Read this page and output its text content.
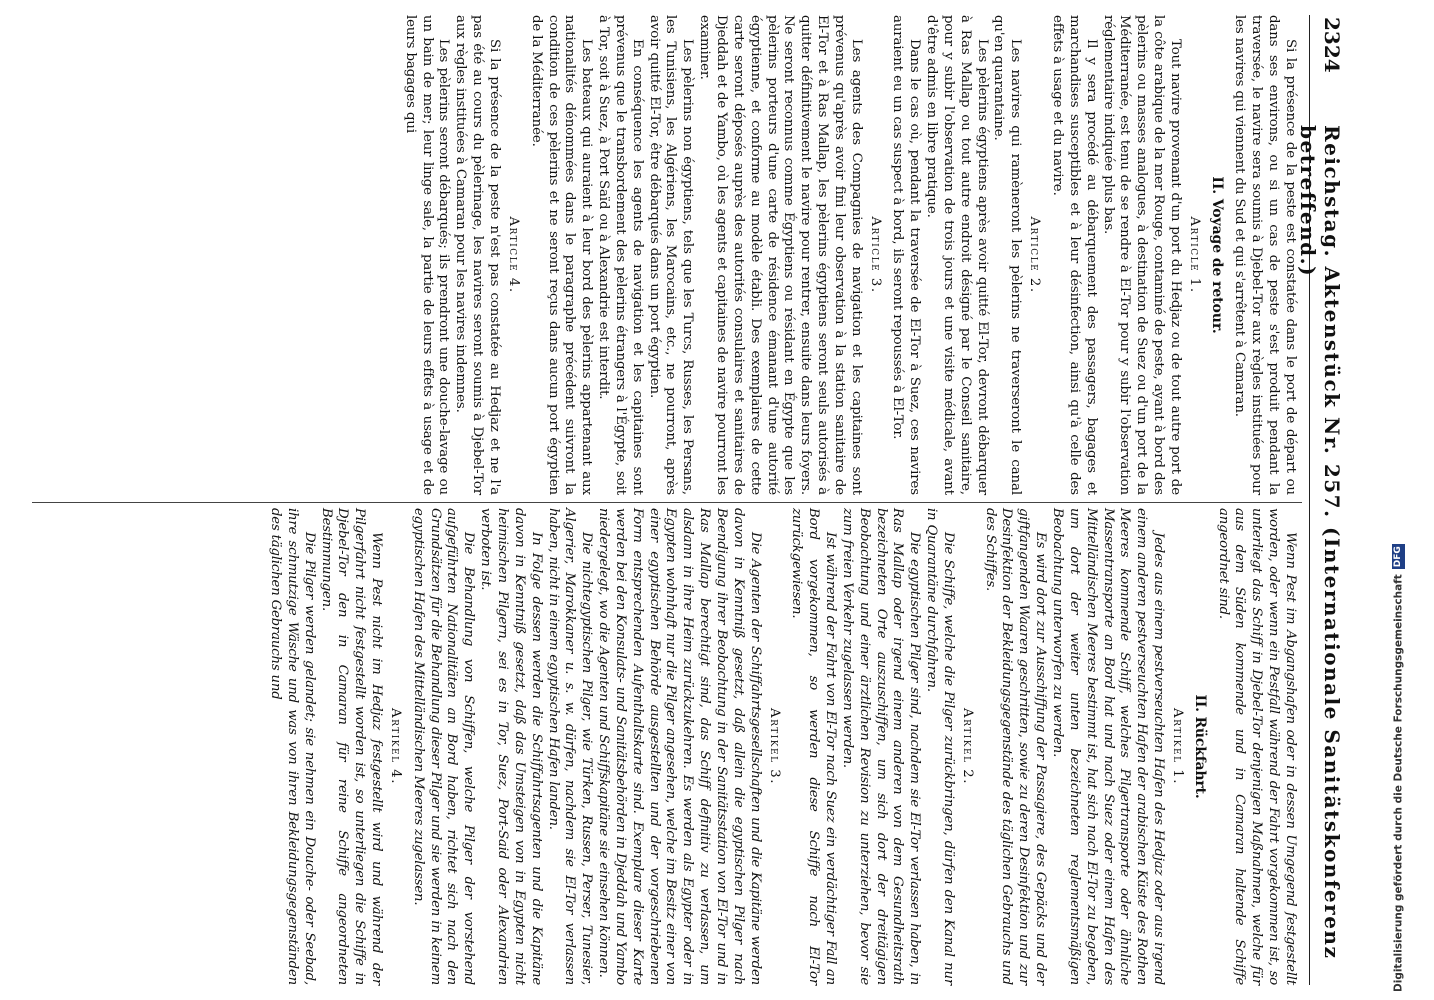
2324
Reichstag. Aktenstück Nr. 257. (Internationale Sanitätskonferenz betreffend.)

Si la présence de la peste est constatée dans le port de départ ou dans ses environs, ou si un cas de peste s'est produit pendant la traversée, le navire sera soumis à Djebel-Tor aux règles instituées pour les navires qui viennent du Sud et qui s'arrêtent à Camaran.

II. Voyage de retour.
Article 1.

Tout navire provenant d'un port du Hedjaz ou de tout autre port de la côte arabique de la mer Rouge, contaminé de peste, ayant à bord des pèlerins ou masses analogues, à destination de Suez ou d'un port de la Méditerranée, est tenu de se rendre à El-Tor pour y subir l'observation réglementaire indiquée plus bas.

Il y sera procédé au débarquement des passagers, bagages et marchandises susceptibles et à leur désinfection, ainsi qu'à celle des effets à usage et du navire.

Article 2.

Les navires qui ramèneront les pèlerins ne traverseront le canal qu'en quarantaine.

Les pèlerins égyptiens après avoir quitté El-Tor, devront débarquer à Ras Mallap ou tout autre endroit désigné par le Conseil sanitaire, pour y subir l'observation de trois jours et une visite médicale, avant d'être admis en libre pratique.

Dans le cas où, pendant la traversée de El-Tor à Suez, ces navires auraient eu un cas suspect à bord, ils seront repoussés à El-Tor.

Article 3.

Les agents des Compagnies de navigation et les capitaines sont prévenus qu'après avoir fini leur observation à la station sanitaire de El-Tor et à Ras Mallap, les pèlerins égyptiens seront seuls autorisés à quitter définitivement le navire pour rentrer, ensuite dans leurs foyers. Ne seront reconnus comme Égyptiens ou résidant en Égypte que les pèlerins porteurs d'une carte de résidence émanant d'une autorité égyptienne, et conforme au modèle établi. Des exemplaires de cette carte seront déposés auprès des autorités consulaires et sanitaires de Djeddah et de Yambo, où les agents et capitaines de navire pourront les examiner.

Les pèlerins non égyptiens, tels que les Turcs, Russes, les Persans, les Tunisiens, les Algériens, les Marocains, etc., ne pourront, après avoir quitté El-Tor, être débarqués dans un port égyptien.

En conséquence les agents de navigation et les capitaines sont prévenus que le transbordement des pèlerins étrangers à l'Égypte, soit à Tor, soit à Suez, à Port Saïd ou à Alexandrie est interdit.

Les bateaux qui auraient à leur bord des pèlerins appartenant aux nationalités dénommées dans le paragraphe précédent suivront la condition de ces pèlerins et ne seront reçus dans aucun port égyptien de la Méditerranée.

Article 4.

Si la présence de la peste n'est pas constatée au Hedjaz et ne l'a pas été au cours du pèlerinage, les navires seront soumis à Djebel-Tor aux règles instituées à Camaran pour les navires indemnes.

Les pèlerins seront débarqués; ils prendront une douche-lavage ou un bain de mer; leur linge sale, la partie de leurs effets à usage et de leurs bagages qui

Wenn Pest im Abgangshafen oder in dessen Umgegend festgestellt worden, oder wenn ein Pestfall während der Fahrt vorgekommen ist, so unterliegt das Schiff in Djebel-Tor denjenigen Maßnahmen, welche für aus dem Süden kommende und in Camaran haltende Schiffe angeordnet sind.

II. Rückfahrt.
Artikel 1.

Jedes aus einem pestverseuchten Hafen des Hedjaz oder aus irgend einem anderen pestverseuchten Hafen der arabischen Küste des Rothen Meeres kommende Schiff, welches Pilgertransporte oder ähnliche Massentransporte an Bord hat und nach Suez oder einem Hafen des Mittelländischen Meeres bestimmt ist, hat sich nach El-Tor zu begeben, um dort der weiter unten bezeichneten reglementsmäßigen Beobachtung unterworfen zu werden.

Es wird dort zur Ausschiffung der Passagiere, des Gepäcks und der giftfangenden Waaren geschritten, sowie zu deren Desinfektion und zur Desinfektion der Bekleidungsgegenstände des täglichen Gebrauchs und des Schiffes.

Artikel 2.

Die Schiffe, welche die Pilger zurückbringen, dürfen den Kanal nur in Quarantäne durchfahren.

Die egyptischen Pilger sind, nachdem sie El-Tor verlassen haben, in Ras Mallap oder irgend einem anderen von dem Gesundheitsrath bezeichneten Orte auszuschiffen, um sich dort der dreitägigen Beobachtung und einer ärztlichen Revision zu unterziehen, bevor sie zum freien Verkehr zugelassen werden.

Ist während der Fahrt von El-Tor nach Suez ein verdächtiger Fall an Bord vorgekommen, so werden diese Schiffe nach El-Tor zurückgewiesen.

Artikel 3.

Die Agenten der Schiffahrtsgesellschaften und die Kapitäne werden davon in Kenntniß gesetzt, daß allein die egyptischen Pilger nach Beendigung ihrer Beobachtung in der Sanitätsstation von El-Tor und in Ras Mallap berechtigt sind, das Schiff definitiv zu verlassen, um alsdann in ihre Heim zurückzukehren. Es werden als Egypter oder in Egypten wohnhaft nur die Pilger angesehen, welche im Besitz einer von einer egyptischen Behörde ausgestellten und der vorgeschriebenen Form entsprechenden Aufenthaltskarte sind. Exemplare dieser Karte werden bei den Konsulats- und Sanitätsbehörden in Djeddah und Yambo niedergelegt, wo die Agenten und Schiffskapitäne sie einsehen können.

Die nichtegyptischen Pilger, wie Türken, Russen, Perser, Tunesier, Algerier, Marokkaner u. s. w. dürfen, nachdem sie El-Tor verlassen haben, nicht in einem egyptischen Hafen landen.

In Folge dessen werden die Schiffahrtsagenten und die Kapitäne davon in Kenntniß gesetzt, daß das Umsteigen von in Egypten nicht heimischen Pilgern, sei es in Tor, Suez, Port-Said oder Alexandrien verboten ist.

Die Behandlung von Schiffen, welche Pilger der vorstehend aufgeführten Nationalitäten an Bord haben, richtet sich nach den Grundsätzen für die Behandlung dieser Pilger und sie werden in keinem egyptischen Hafen des Mittelländischen Meeres zugelassen.

Artikel 4.

Wenn Pest nicht im Hedjaz festgestellt wird und während der Pilgerfahrt nicht festgestellt worden ist, so unterliegen die Schiffe in Djebel-Tor den in Camaran für reine Schiffe angeordneten Bestimmungen.

Die Pilger werden gelandet; sie nehmen ein Douche- oder Seebad, ihre schmutzige Wäsche und was von ihren Bekleidungsgegenständen des täglichen Gebrauchs und	Digitalisierung gefördert durch die Deutsche ForschungsgemeinschaftDFG
